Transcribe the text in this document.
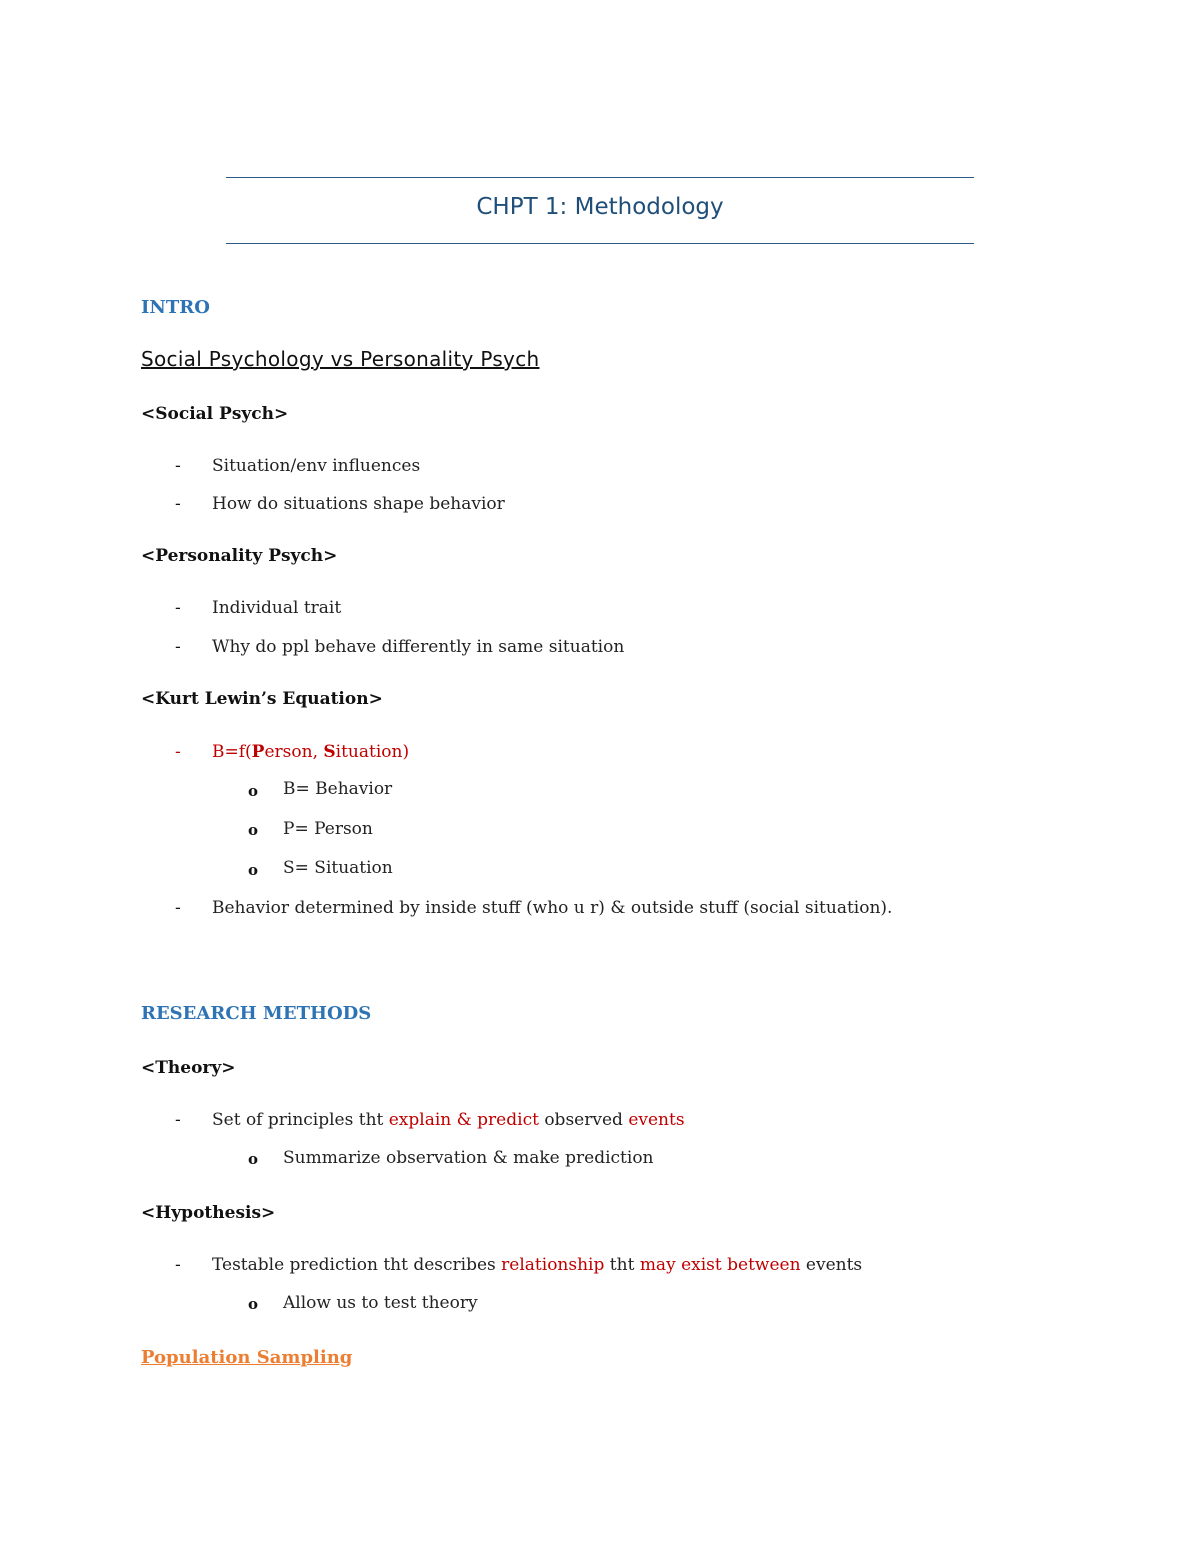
CHPT 1: Methodology
INTRO
Social Psychology vs Personality Psych
<Social Psych>
- Situation/env influences
- How do situations shape behavior
<Personality Psych>
- Individual trait
- Why do ppl behave differently in same situation
<Kurt Lewin’s Equation>
- B=f(Person, Situation)
o B= Behavior
o P= Person
o S= Situation
- Behavior determined by inside stuff (who u r) & outside stuff (social situation).
RESEARCH METHODS
<Theory>
- Set of principles tht explain & predict observed events
o Summarize observation & make prediction
<Hypothesis>
- Testable prediction tht describes relationship tht may exist between events
o Allow us to test theory
Population Sampling
